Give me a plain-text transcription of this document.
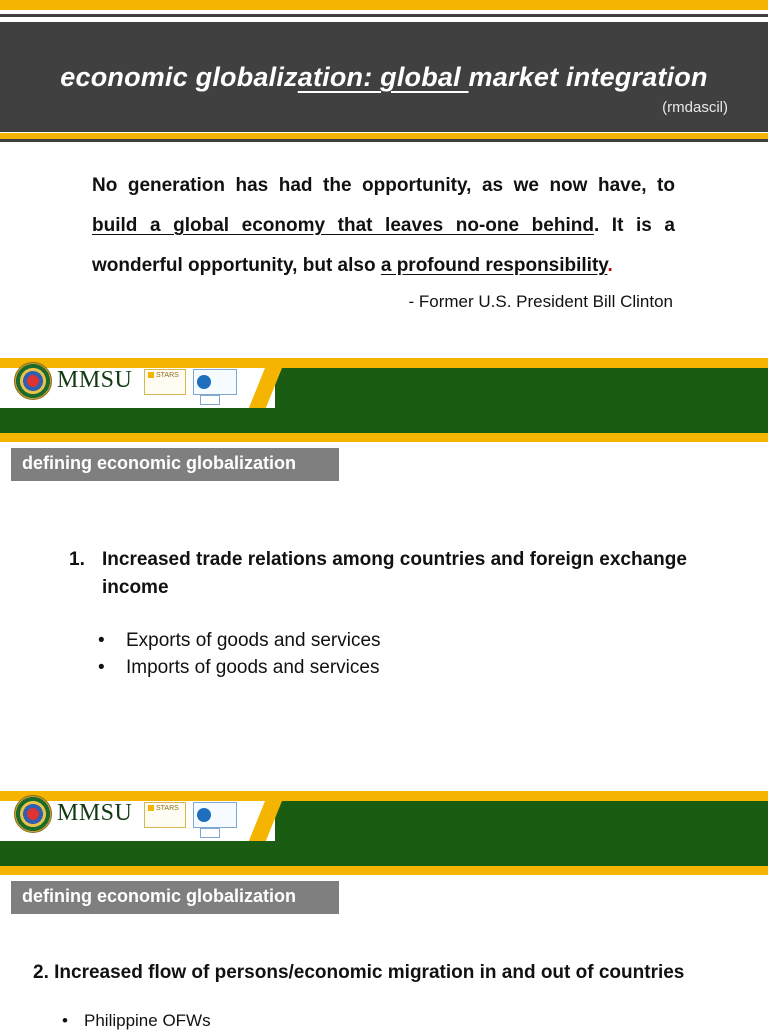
economic globalization: global market integration
(rmdascil)
No generation has had the opportunity, as we now have, to
build a global economy that leaves no-one behind. It is a
wonderful opportunity, but also a profound responsibility.
- Former U.S. President Bill Clinton
MMSU	STARS
defining economic globalization
1. Increased trade relations among countries and foreign exchange
income
• Exports of goods and services
• Imports of goods and services
MMSU	STARS
defining economic globalization
2. Increased flow of persons/economic migration in and out of countries
• Philippine OFWs
